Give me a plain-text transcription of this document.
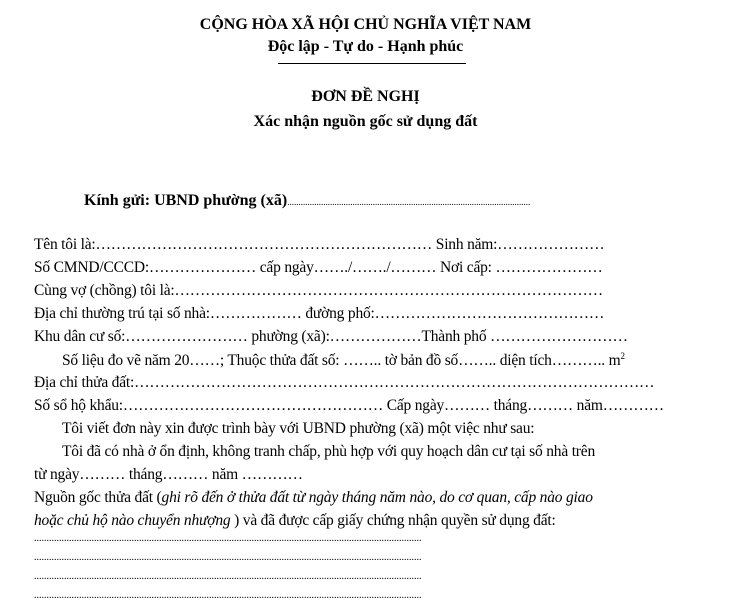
CỘNG HÒA XÃ HỘI CHỦ NGHĨA VIỆT NAM
Độc lập - Tự do - Hạnh phúc
ĐƠN ĐỀ NGHỊ
Xác nhận nguồn gốc sử dụng đất
Kính gửi: UBND phường (xã)............................................................................................................
Tên tôi là:………………………………………………………… Sinh năm:…………………
Số CMND/CCCD:………………… cấp ngày……./……./……… Nơi cấp: …………………
Cùng vợ (chồng) tôi là:…………………………………………………………………………
Địa chỉ thường trú tại số nhà:……………… đường phố:………………………………………
Khu dân cư số:…………………… phường (xã):………………Thành phố ………………………
Số liệu đo vẽ năm 20……; Thuộc thửa đất số: …….. tờ bản đồ số…….. diện tích……….. $m^2$
Địa chỉ thửa đất:…………………………………………………………………………………………
Số sổ hộ khẩu:…………………………………………… Cấp ngày……… tháng……… năm…………
Tôi viết đơn này xin được trình bày với UBND phường (xã) một việc như sau:
Tôi đã có nhà ở ổn định, không tranh chấp, phù hợp với quy hoạch dân cư tại số nhà trên
từ ngày……… tháng……… năm …………
Nguồn gốc thửa đất (ghi rõ đến ở thửa đất từ ngày tháng năm nào, do cơ quan, cấp nào giao
hoặc chủ hộ nào chuyển nhượng ) và đã được cấp giấy chứng nhận quyền sử dụng đất:
...........................................................................................................................................................
...........................................................................................................................................................
...........................................................................................................................................................
...........................................................................................................................................................
